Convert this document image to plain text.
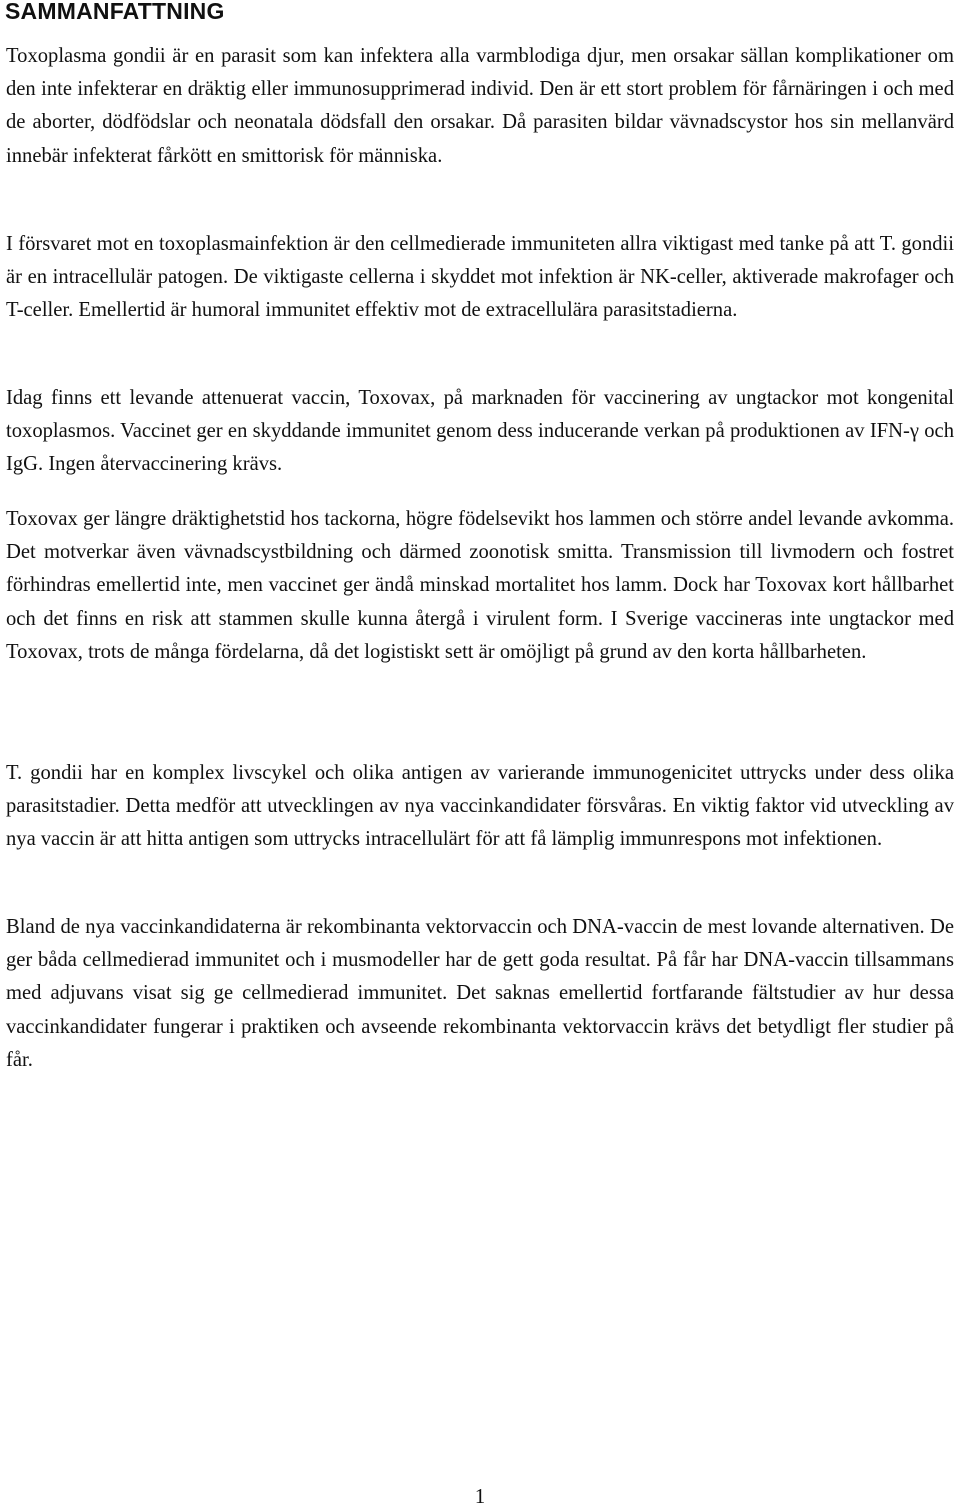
SAMMANFATTNING

Toxoplasma gondii är en parasit som kan infektera alla varmblodiga djur, men orsakar sällan komplikationer om den inte infekterar en dräktig eller immunosupprimerad individ. Den är ett stort problem för fårnäringen i och med de aborter, dödfödslar och neonatala dödsfall den orsakar. Då parasiten bildar vävnadscystor hos sin mellanvärd innebär infekterat fårkött en smittorisk för människa.

I försvaret mot en toxoplasmainfektion är den cellmedierade immuniteten allra viktigast med tanke på att T. gondii är en intracellulär patogen. De viktigaste cellerna i skyddet mot infektion är NK-celler, aktiverade makrofager och T-celler. Emellertid är humoral immunitet effektiv mot de extracellulära parasitstadierna.

Idag finns ett levande attenuerat vaccin, Toxovax, på marknaden för vaccinering av ungtackor mot kongenital toxoplasmos. Vaccinet ger en skyddande immunitet genom dess inducerande verkan på produktionen av IFN-γ och IgG. Ingen återvaccinering krävs.

Toxovax ger längre dräktighetstid hos tackorna, högre födelsevikt hos lammen och större andel levande avkomma. Det motverkar även vävnadscystbildning och därmed zoonotisk smitta. Transmission till livmodern och fostret förhindras emellertid inte, men vaccinet ger ändå minskad mortalitet hos lamm. Dock har Toxovax kort hållbarhet och det finns en risk att stammen skulle kunna återgå i virulent form. I Sverige vaccineras inte ungtackor med Toxovax, trots de många fördelarna, då det logistiskt sett är omöjligt på grund av den korta hållbarheten.

T. gondii har en komplex livscykel och olika antigen av varierande immunogenicitet uttrycks under dess olika parasitstadier. Detta medför att utvecklingen av nya vaccinkandidater försvåras. En viktig faktor vid utveckling av nya vaccin är att hitta antigen som uttrycks intracellulärt för att få lämplig immunrespons mot infektionen.

Bland de nya vaccinkandidaterna är rekombinanta vektorvaccin och DNA-vaccin de mest lovande alternativen. De ger båda cellmedierad immunitet och i musmodeller har de gett goda resultat. På får har DNA-vaccin tillsammans med adjuvans visat sig ge cellmedierad immunitet. Det saknas emellertid fortfarande fältstudier av hur dessa vaccinkandidater fungerar i praktiken och avseende rekombinanta vektorvaccin krävs det betydligt fler studier på får.

1
